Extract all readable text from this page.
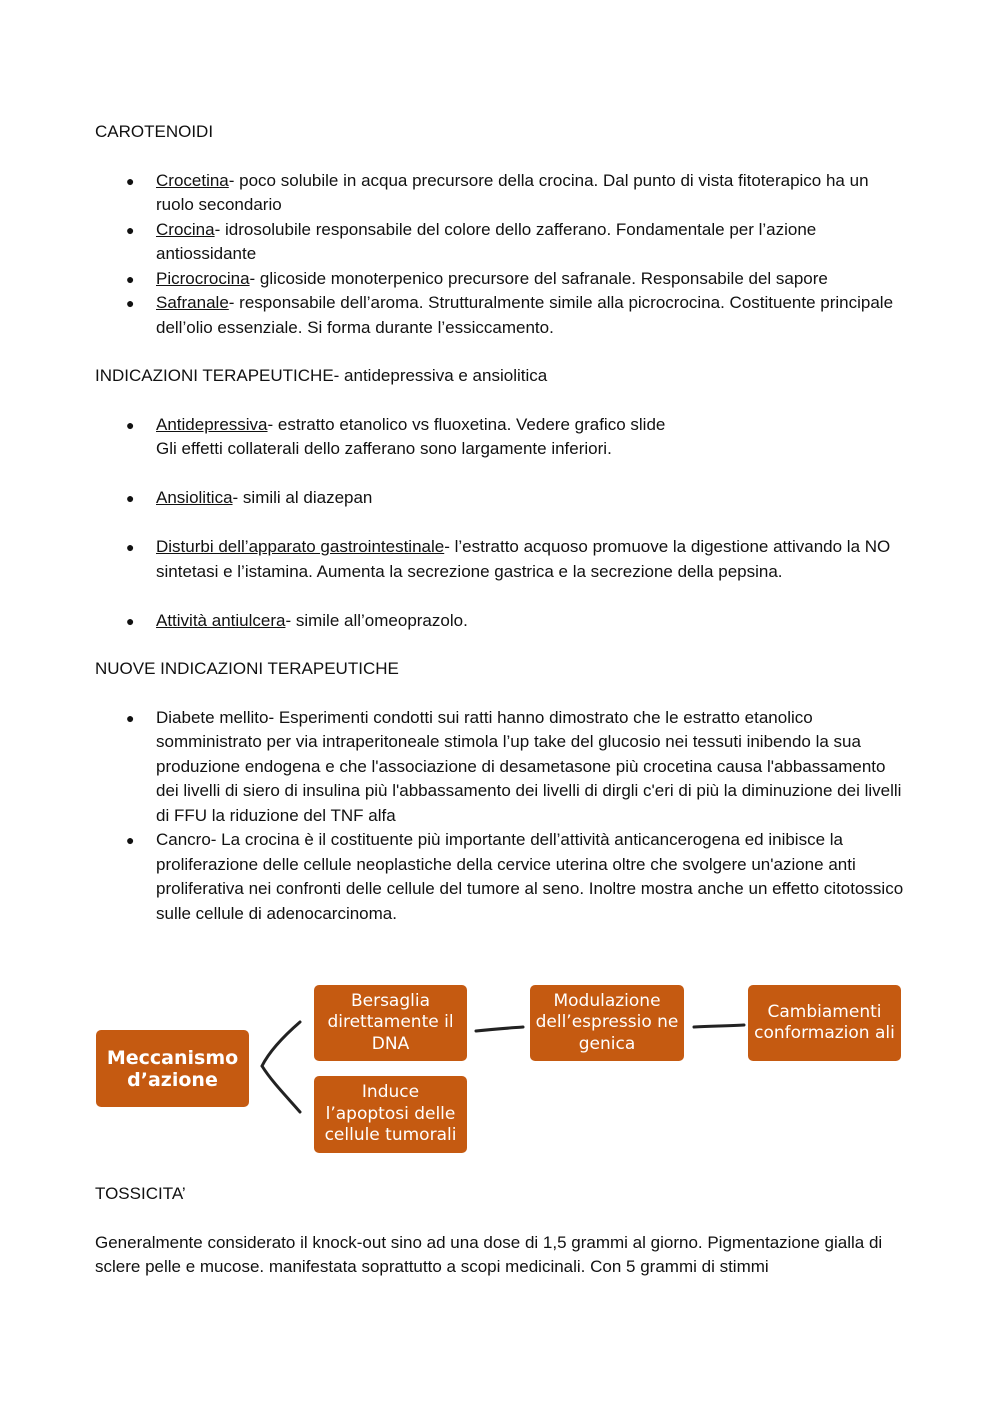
CAROTENOIDI

● Crocetina- poco solubile in acqua precursore della crocina. Dal punto di vista fitoterapico ha un ruolo secondario
● Crocina- idrosolubile responsabile del colore dello zafferano. Fondamentale per l’azione antiossidante
● Picrocrocina- glicoside monoterpenico precursore del safranale. Responsabile del sapore
● Safranale- responsabile dell’aroma. Strutturalmente simile alla picrocrocina. Costituente principale dell’olio essenziale. Si forma durante l’essiccamento.

INDICAZIONI TERAPEUTICHE- antidepressiva e ansiolitica

● Antidepressiva- estratto etanolico vs fluoxetina. Vedere grafico slide
Gli effetti collaterali dello zafferano sono largamente inferiori.
● Ansiolitica- simili al diazepan
● Disturbi dell’apparato gastrointestinale- l’estratto acquoso promuove la digestione attivando la NO sintetasi e l’istamina. Aumenta la secrezione gastrica e la secrezione della pepsina.
● Attività antiulcera- simile all’omeoprazolo.

NUOVE INDICAZIONI TERAPEUTICHE

● Diabete mellito- Esperimenti condotti sui ratti hanno dimostrato che le estratto etanolico somministrato per via intraperitoneale stimola l’up take del glucosio nei tessuti inibendo la sua produzione endogena e che l'associazione di desametasone più crocetina causa l'abbassamento dei livelli di siero di insulina più l'abbassamento dei livelli di dirgli c'eri di più la diminuzione dei livelli di FFU la riduzione del TNF alfa
● Cancro- La crocina è il costituente più importante dell’attività anticancerogena ed inibisce la proliferazione delle cellule neoplastiche della cervice uterina oltre che svolgere un'azione anti proliferativa nei confronti delle cellule del tumore al seno. Inoltre mostra anche un effetto citotossico sulle cellule di adenocarcinoma.
Meccanismo d’azione
Bersaglia direttamente il DNA
Modulazione dell’espressio ne genica
Cambiamenti conformazion ali
Induce l’apoptosi delle cellule tumorali

TOSSICITA’

Generalmente considerato il knock-out sino ad una dose di 1,5 grammi al giorno. Pigmentazione gialla di sclere pelle e mucose. manifestata soprattutto a scopi medicinali. Con 5 grammi di stimmi
